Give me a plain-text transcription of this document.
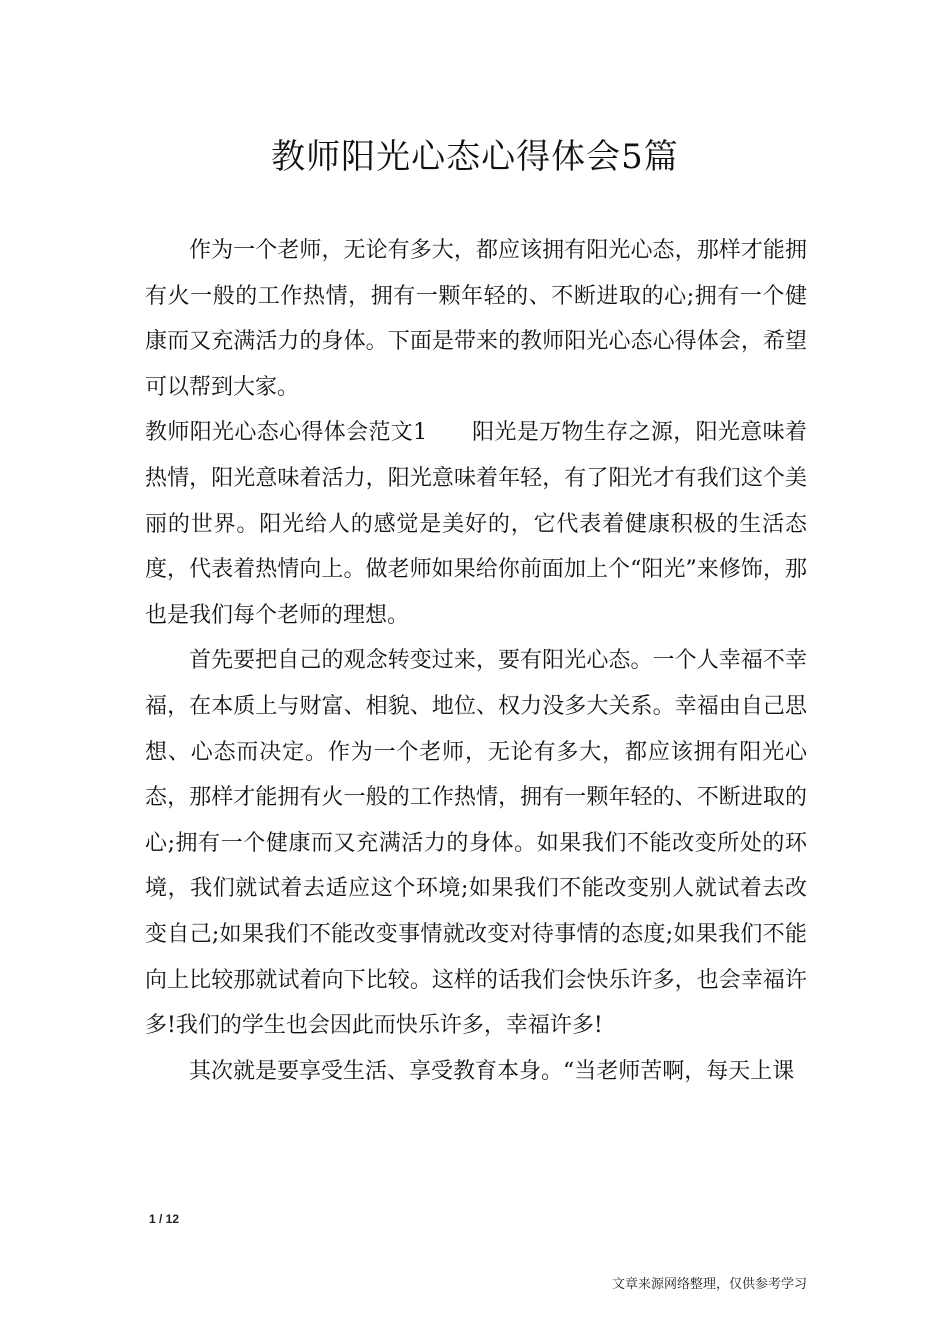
教师阳光心态心得体会5篇

作为一个老师，无论有多大，都应该拥有阳光心态，那样才能拥有火一般的工作热情，拥有一颗年轻的、不断进取的心;拥有一个健康而又充满活力的身体。下面是带来的教师阳光心态心得体会，希望可以帮到大家。

教师阳光心态心得体会范文1　　阳光是万物生存之源，阳光意味着热情，阳光意味着活力，阳光意味着年轻，有了阳光才有我们这个美丽的世界。阳光给人的感觉是美好的，它代表着健康积极的生活态度，代表着热情向上。做老师如果给你前面加上个“阳光”来修饰，那也是我们每个老师的理想。

首先要把自己的观念转变过来，要有阳光心态。一个人幸福不幸福，在本质上与财富、相貌、地位、权力没多大关系。幸福由自己思想、心态而决定。作为一个老师，无论有多大，都应该拥有阳光心态，那样才能拥有火一般的工作热情，拥有一颗年轻的、不断进取的心;拥有一个健康而又充满活力的身体。如果我们不能改变所处的环境，我们就试着去适应这个环境;如果我们不能改变别人就试着去改变自己;如果我们不能改变事情就改变对待事情的态度;如果我们不能向上比较那就试着向下比较。这样的话我们会快乐许多，也会幸福许多!我们的学生也会因此而快乐许多，幸福许多!

其次就是要享受生活、享受教育本身。“当老师苦啊，每天上课

1 / 12
文章来源网络整理，仅供参考学习
